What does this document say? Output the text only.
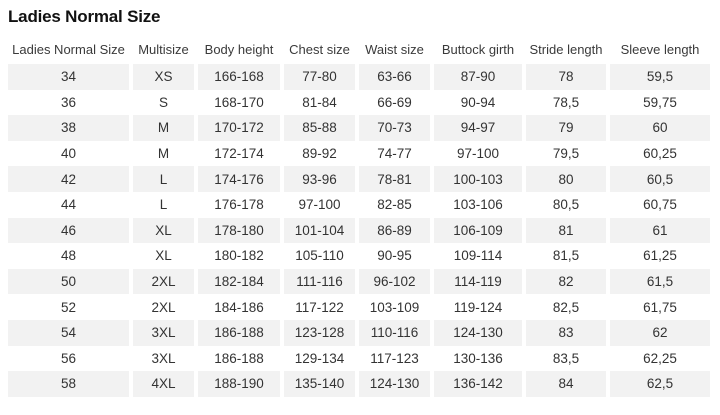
Ladies Normal Size
Ladies Normal Size	Multisize	Body height	Chest size	Waist size	Buttock girth	Stride length	Sleeve length
34	XS	166-168	77-80	63-66	87-90	78	59,5
36	S	168-170	81-84	66-69	90-94	78,5	59,75
38	M	170-172	85-88	70-73	94-97	79	60
40	M	172-174	89-92	74-77	97-100	79,5	60,25
42	L	174-176	93-96	78-81	100-103	80	60,5
44	L	176-178	97-100	82-85	103-106	80,5	60,75
46	XL	178-180	101-104	86-89	106-109	81	61
48	XL	180-182	105-110	90-95	109-114	81,5	61,25
50	2XL	182-184	111-116	96-102	114-119	82	61,5
52	2XL	184-186	117-122	103-109	119-124	82,5	61,75
54	3XL	186-188	123-128	110-116	124-130	83	62
56	3XL	186-188	129-134	117-123	130-136	83,5	62,25
58	4XL	188-190	135-140	124-130	136-142	84	62,5
